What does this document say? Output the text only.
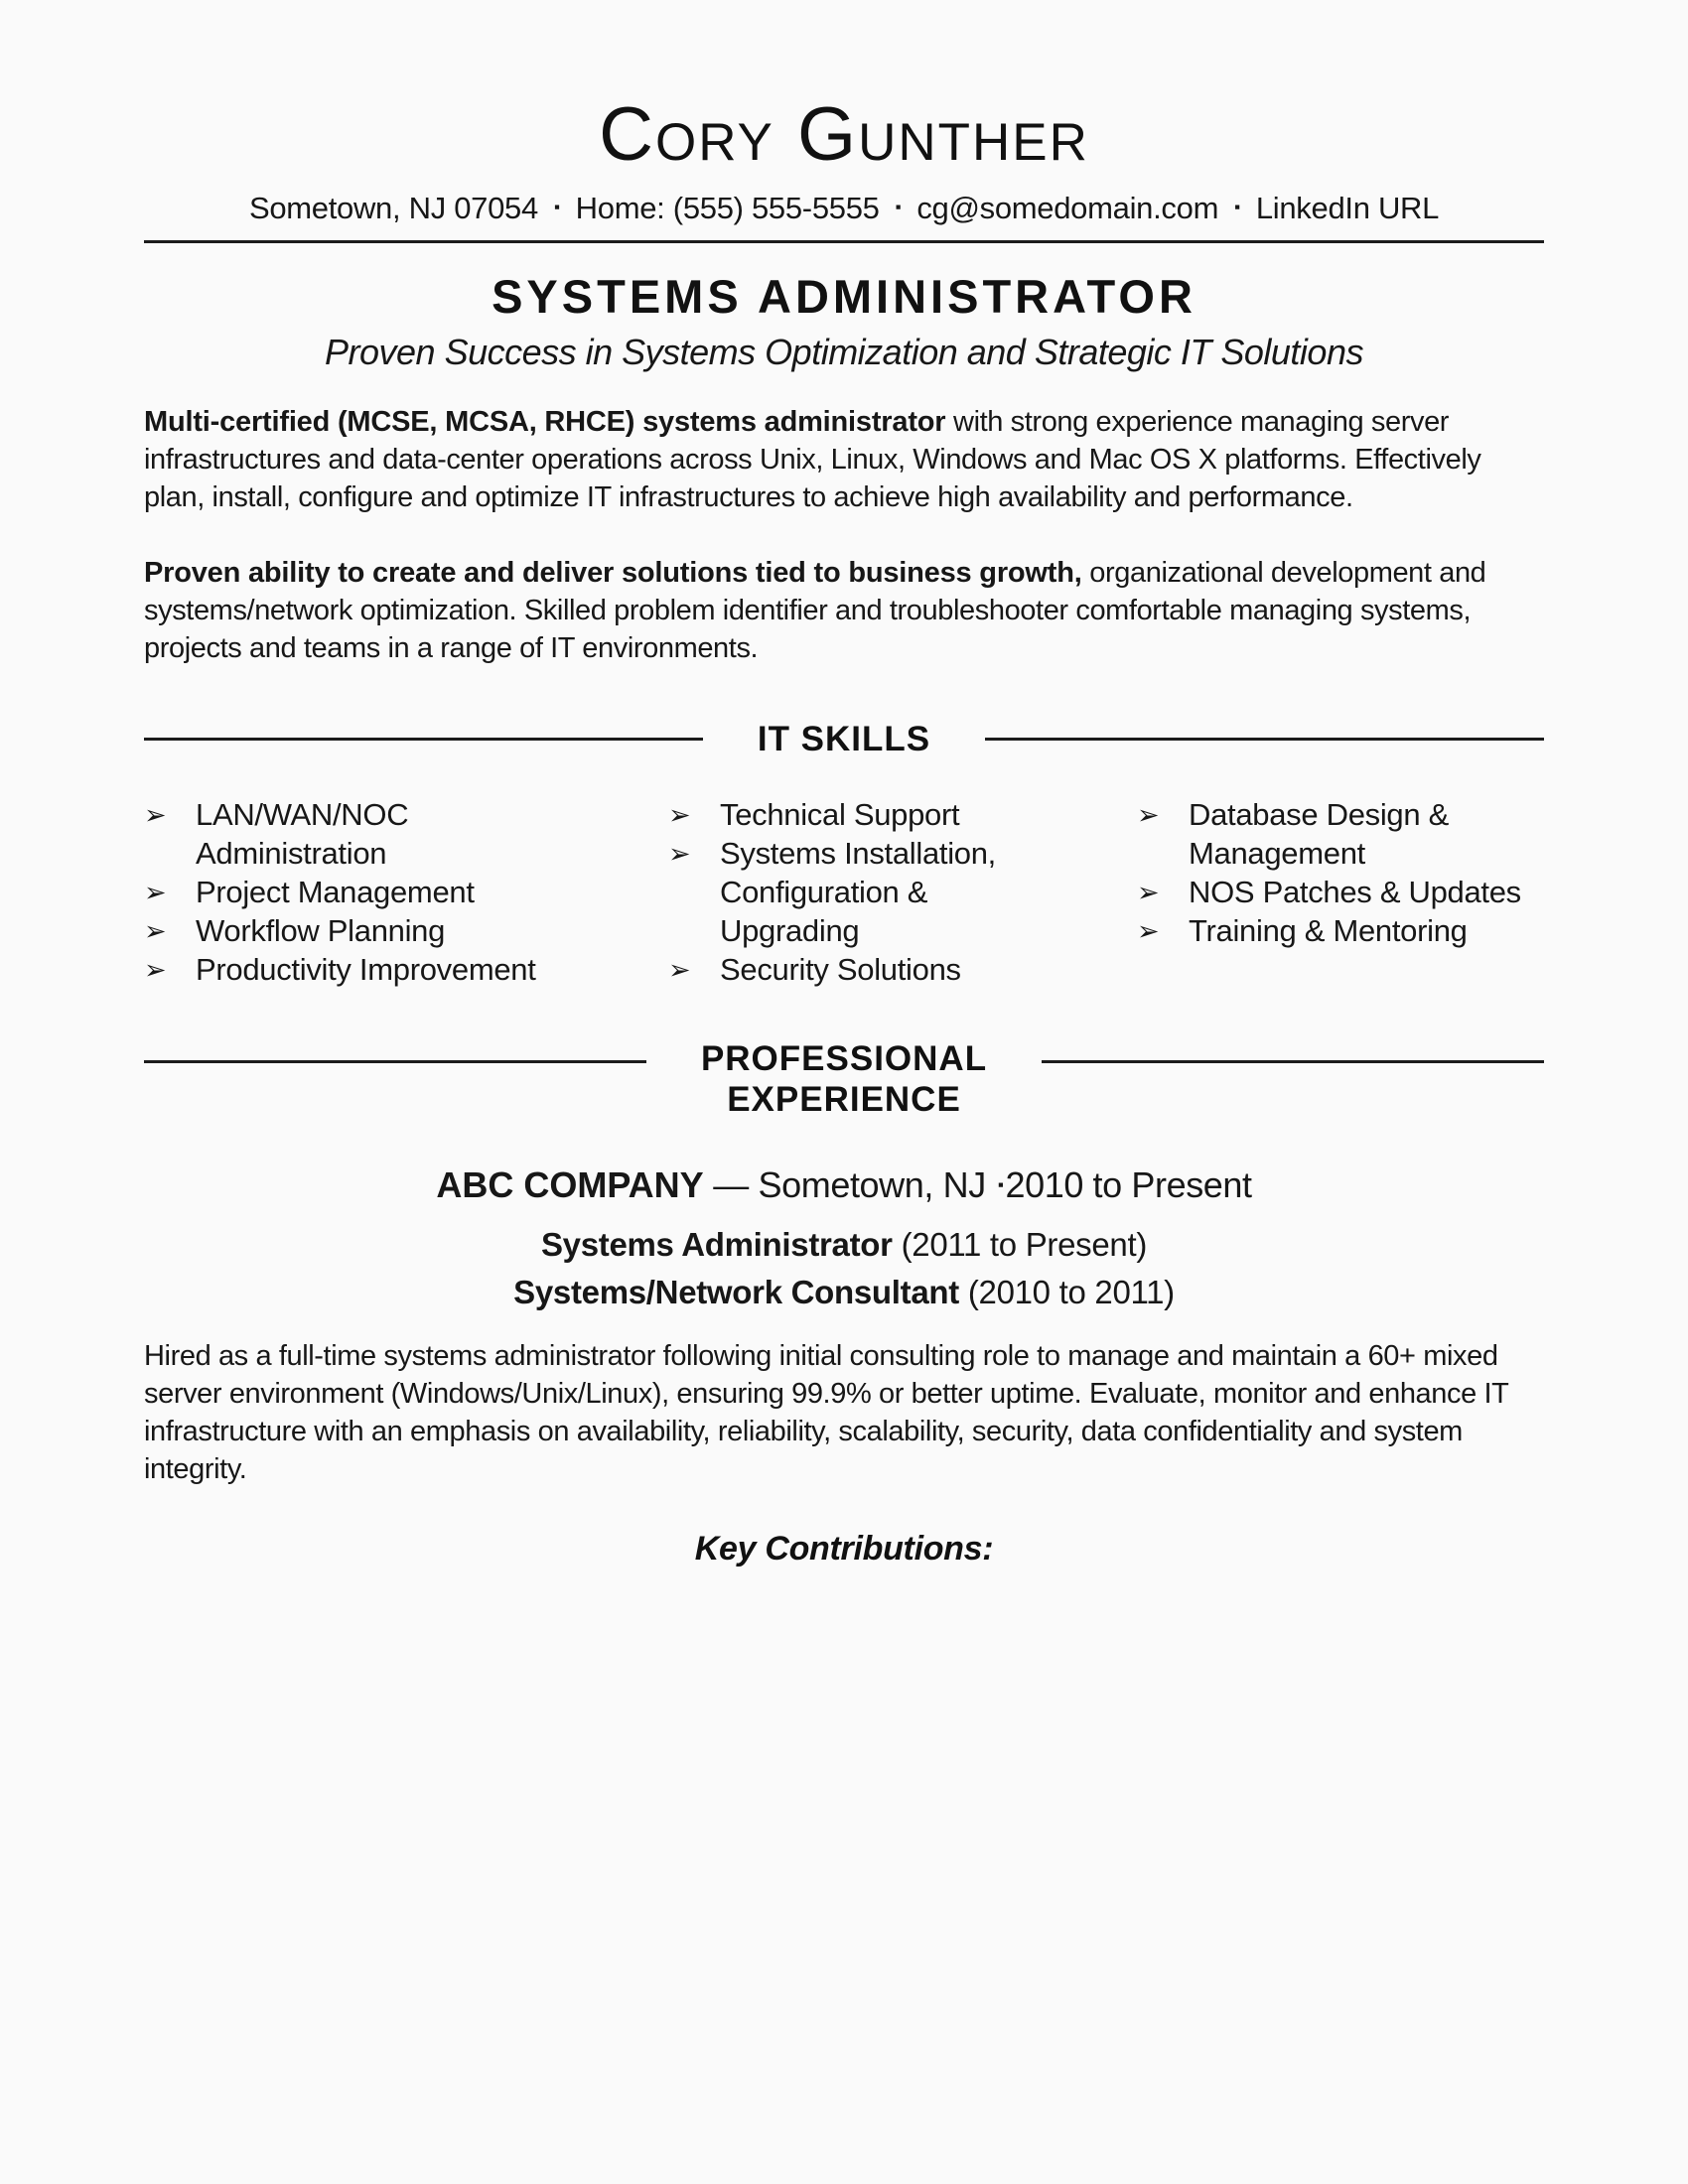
Cory Gunther
Sometown, NJ 07054 ▪ Home: (555) 555-5555 ▪ cg@somedomain.com ▪ LinkedIn URL
SYSTEMS ADMINISTRATOR
Proven Success in Systems Optimization and Strategic IT Solutions

Multi-certified (MCSE, MCSA, RHCE) systems administrator with strong experience managing server infrastructures and data-center operations across Unix, Linux, Windows and Mac OS X platforms. Effectively plan, install, configure and optimize IT infrastructures to achieve high availability and performance.

Proven ability to create and deliver solutions tied to business growth, organizational development and systems/network optimization. Skilled problem identifier and troubleshooter comfortable managing systems, projects and teams in a range of IT environments.

IT SKILLS
➢ LAN/WAN/NOC Administration
➢ Project Management
➢ Workflow Planning
➢ Productivity Improvement
➢ Technical Support
➢ Systems Installation, Configuration & Upgrading
➢ Security Solutions
➢ Database Design & Management
➢ NOS Patches & Updates
➢ Training & Mentoring
PROFESSIONAL
EXPERIENCE
ABC COMPANY — Sometown, NJ ▪2010 to Present
Systems Administrator (2011 to Present)
Systems/Network Consultant (2010 to 2011)

Hired as a full-time systems administrator following initial consulting role to manage and maintain a 60+ mixed server environment (Windows/Unix/Linux), ensuring 99.9% or better uptime. Evaluate, monitor and enhance IT infrastructure with an emphasis on availability, reliability, scalability, security, data confidentiality and system integrity.

Key Contributions:
